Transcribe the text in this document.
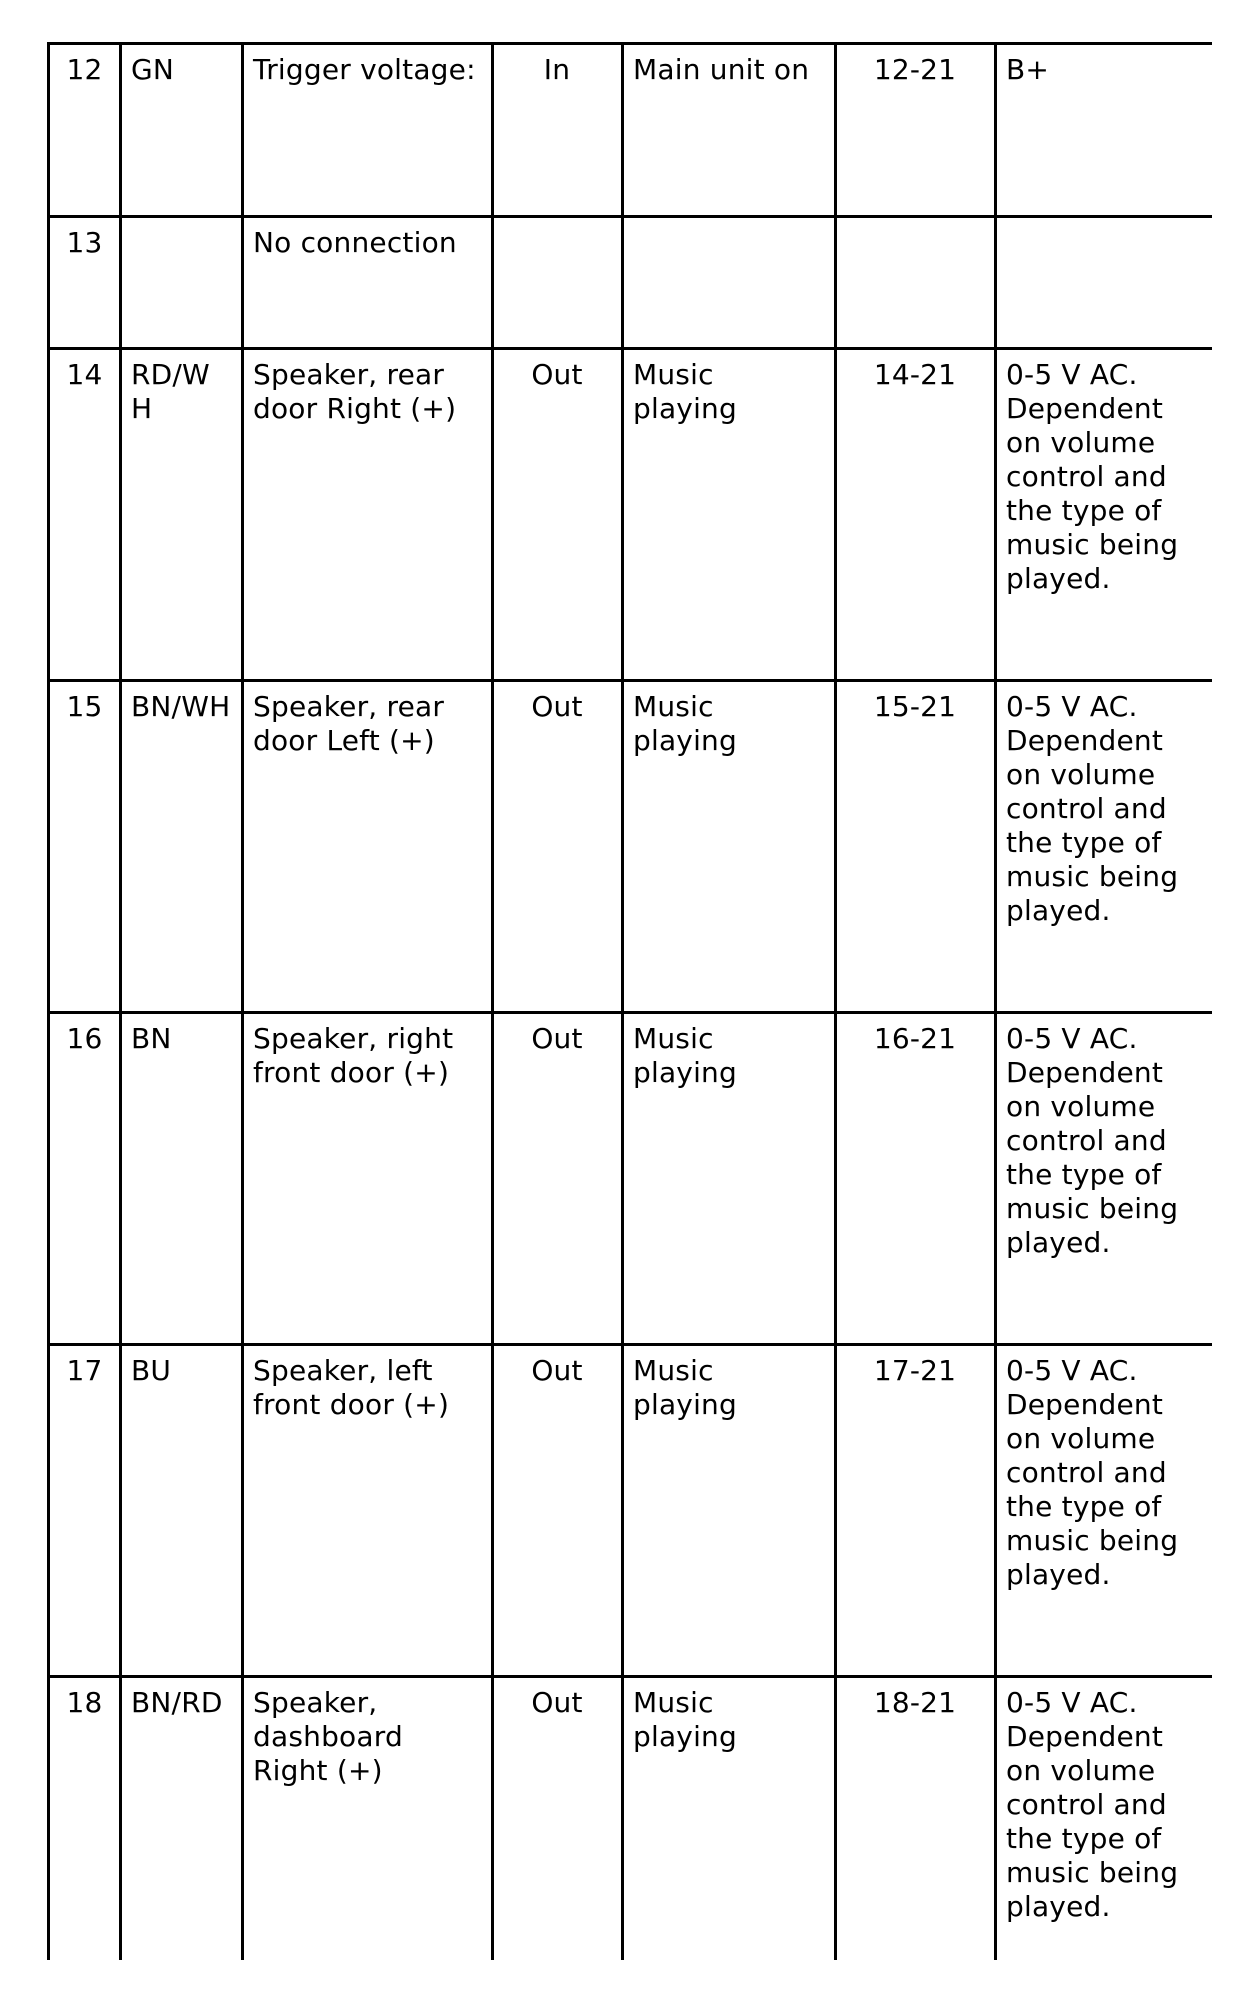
12	GN	Trigger voltage:	In	Main unit on	12-21	B+
13		No connection				
14	RD/WH	Speaker, rear door Right (+)	Out	Music playing	14-21	0-5 V AC. Dependent on volume control and the type of music being played.
15	BN/WH	Speaker, rear door Left (+)	Out	Music playing	15-21	0-5 V AC. Dependent on volume control and the type of music being played.
16	BN	Speaker, right front door (+)	Out	Music playing	16-21	0-5 V AC. Dependent on volume control and the type of music being played.
17	BU	Speaker, left front door (+)	Out	Music playing	17-21	0-5 V AC. Dependent on volume control and the type of music being played.
18	BN/RD	Speaker, dashboard Right (+)	Out	Music playing	18-21	0-5 V AC. Dependent on volume control and the type of music being played.
